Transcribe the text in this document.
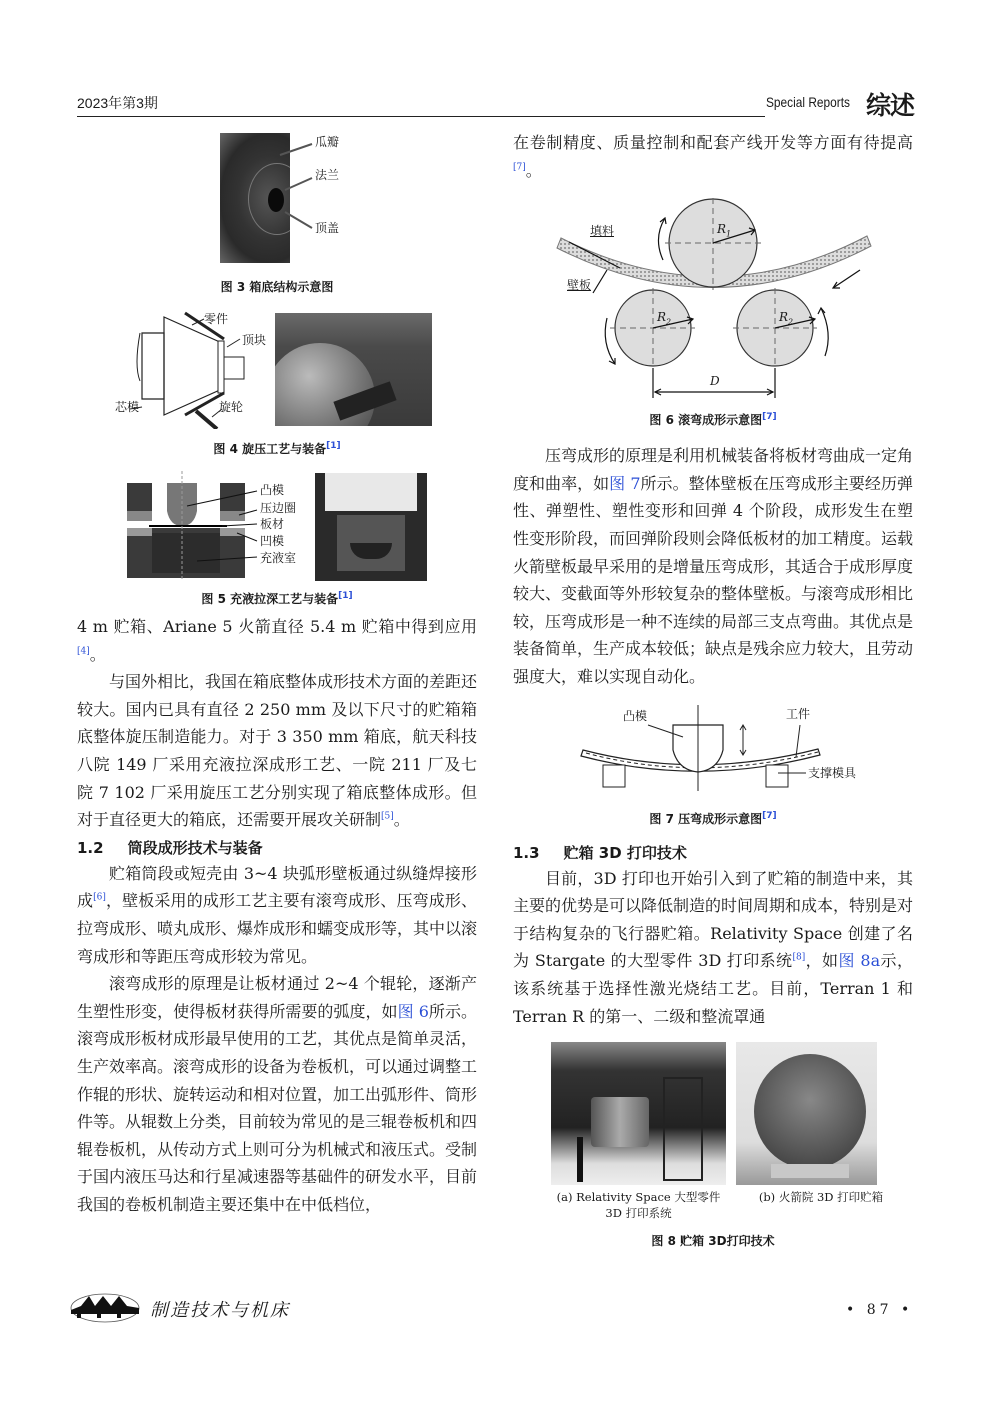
2023年第3期	Special Reports 综述
瓜瓣
法兰
顶盖
图 3 箱底结构示意图
零件
顶块
芯模	旋轮
图 4 旋压工艺与装备[1]
凸模
压边圈
板材
凹模
充液室
图 5 充液拉深工艺与装备[1]

4 m 贮箱、Ariane 5 火箭直径 5.4 m 贮箱中得到应用[4]。

与国外相比，我国在箱底整体成形技术方面的差距还较大。国内已具有直径 2 250 mm 及以下尺寸的贮箱箱底整体旋压制造能力。对于 3 350 mm 箱底，航天科技八院 149 厂采用充液拉深成形工艺、一院 211 厂及七院 7 102 厂采用旋压工艺分别实现了箱底整体成形。但对于直径更大的箱底，还需要开展攻关研制[5]。

1.2 筒段成形技术与装备

贮箱筒段或短壳由 3~4 块弧形壁板通过纵缝焊接形成[6]，壁板采用的成形工艺主要有滚弯成形、压弯成形、拉弯成形、喷丸成形、爆炸成形和蠕变成形等，其中以滚弯成形和等距压弯成形较为常见。

滚弯成形的原理是让板材通过 2~4 个辊轮，逐渐产生塑性形变，使得板材获得所需要的弧度，如图 6所示。滚弯成形板材成形最早使用的工艺，其优点是简单灵活，生产效率高。滚弯成形的设备为卷板机，可以通过调整工作辊的形状、旋转运动和相对位置，加工出弧形件、筒形件等。从辊数上分类，目前较为常见的是三辊卷板机和四辊卷板机，从传动方式上则可分为机械式和液压式。受制于国内液压马达和行星减速器等基础件的研发水平，目前我国的卷板机制造主要还集中在中低档位，

在卷制精度、质量控制和配套产线开发等方面有待提高[7]。

填料
壁板
$R_1$
$R_2$	$R_2$
D
图 6 滚弯成形示意图[7]

压弯成形的原理是利用机械装备将板材弯曲成一定角度和曲率，如图 7所示。整体壁板在压弯成形主要经历弹性、弹塑性、塑性变形和回弹 4 个阶段，成形发生在塑性变形阶段，而回弹阶段则会降低板材的加工精度。运载火箭壁板最早采用的是增量压弯成形，其适合于成形厚度较大、变截面等外形较复杂的整体壁板。与滚弯成形相比较，压弯成形是一种不连续的局部三支点弯曲。其优点是装备简单，生产成本较低；缺点是残余应力较大，且劳动强度大，难以实现自动化。

凸模	工件
支撑模具
图 7 压弯成形示意图[7]
1.3 贮箱 3D 打印技术

目前，3D 打印也开始引入到了贮箱的制造中来，其主要的优势是可以降低制造的时间周期和成本，特别是对于结构复杂的飞行器贮箱。Relativity Space 创建了名为 Stargate 的大型零件 3D 打印系统[8]，如图 8a示，该系统基于选择性激光烧结工艺。目前，Terran 1 和 Terran R 的第一、二级和整流罩通

(a) Relativity Space 大型零件
3D 打印系统
(b) 火箭院 3D 打印贮箱
图 8 贮箱 3D打印技术
制造技术与机床	• 87 •
